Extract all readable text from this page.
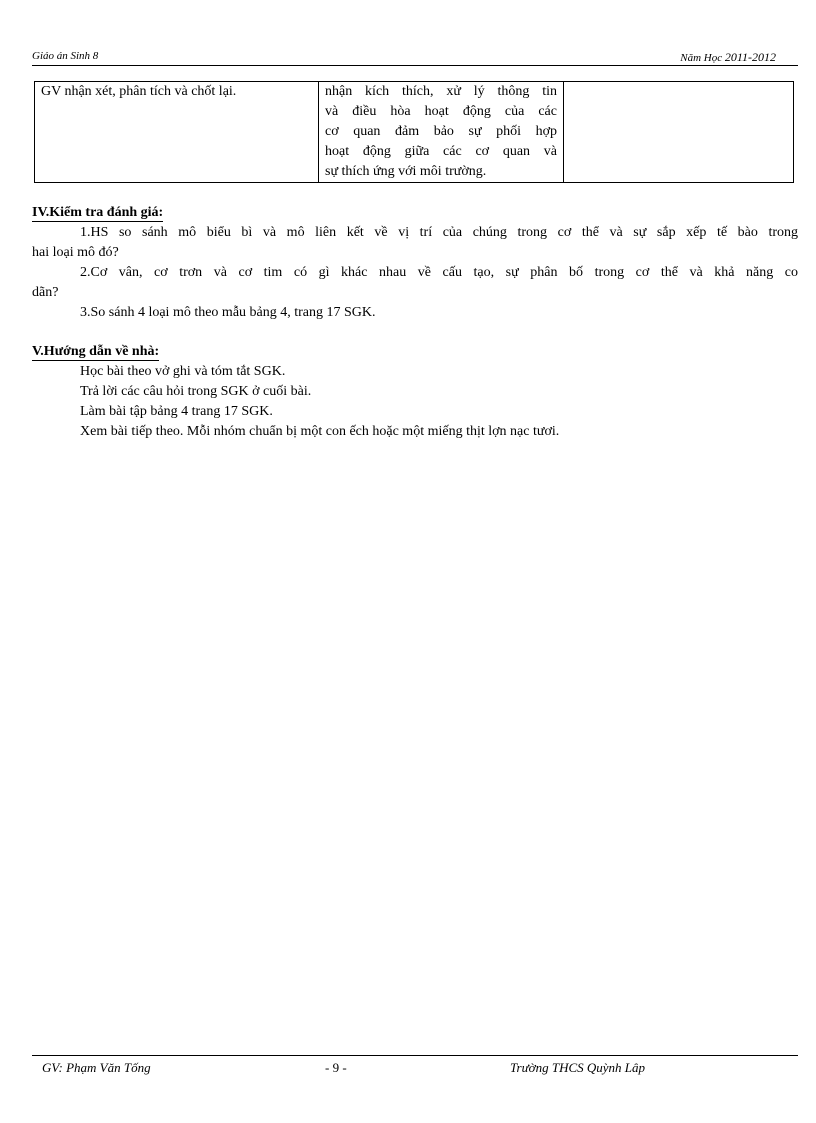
Giáo án Sinh 8	Năm Học 2011-2012
GV nhận xét, phân tích và chốt lại.	nhận kích thích, xử lý thông tin
và điều hòa hoạt động của các
cơ quan đảm bảo sự phối hợp
hoạt động giữa các cơ quan và
sự thích ứng với môi trường.

IV.Kiểm tra đánh giá:

1.HS so sánh mô biểu bì và mô liên kết về vị trí của chúng trong cơ thể và sự sắp xếp tế bào trong

hai loại mô đó?

2.Cơ vân, cơ trơn và cơ tim có gì khác nhau về cấu tạo, sự phân bố trong cơ thể và khả năng co

dãn?

3.So sánh 4 loại mô theo mẫu bảng 4, trang 17 SGK.

V.Hướng dẫn về nhà:

Học bài theo vở ghi và tóm tắt SGK.

Trả lời các câu hỏi trong SGK ở cuối bài.

Làm bài tập bảng 4 trang 17 SGK.

Xem bài tiếp theo. Mỗi nhóm chuẩn bị một con ếch hoặc một miếng thịt lợn nạc tươi.

GV: Phạm Văn Tống	- 9 -	Trường THCS Quỳnh Lâp
